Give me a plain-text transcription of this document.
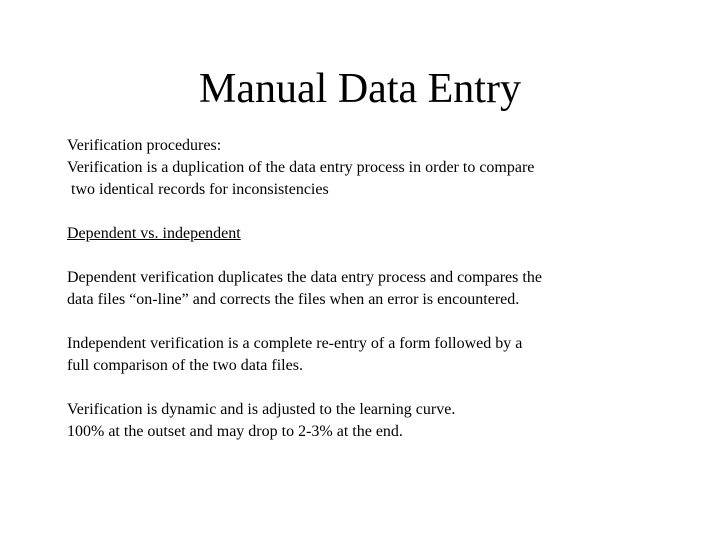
Manual Data Entry
Verification procedures:
Verification is a duplication of the data entry process in order to compare
two identical records for inconsistencies
Dependent vs. independent
Dependent verification duplicates the data entry process and compares the
data files “on-line” and corrects the files when an error is encountered.
Independent verification is a complete re-entry of a form followed by a
full comparison of the two data files.
Verification is dynamic and is adjusted to the learning curve.
100% at the outset and may drop to 2-3% at the end.
